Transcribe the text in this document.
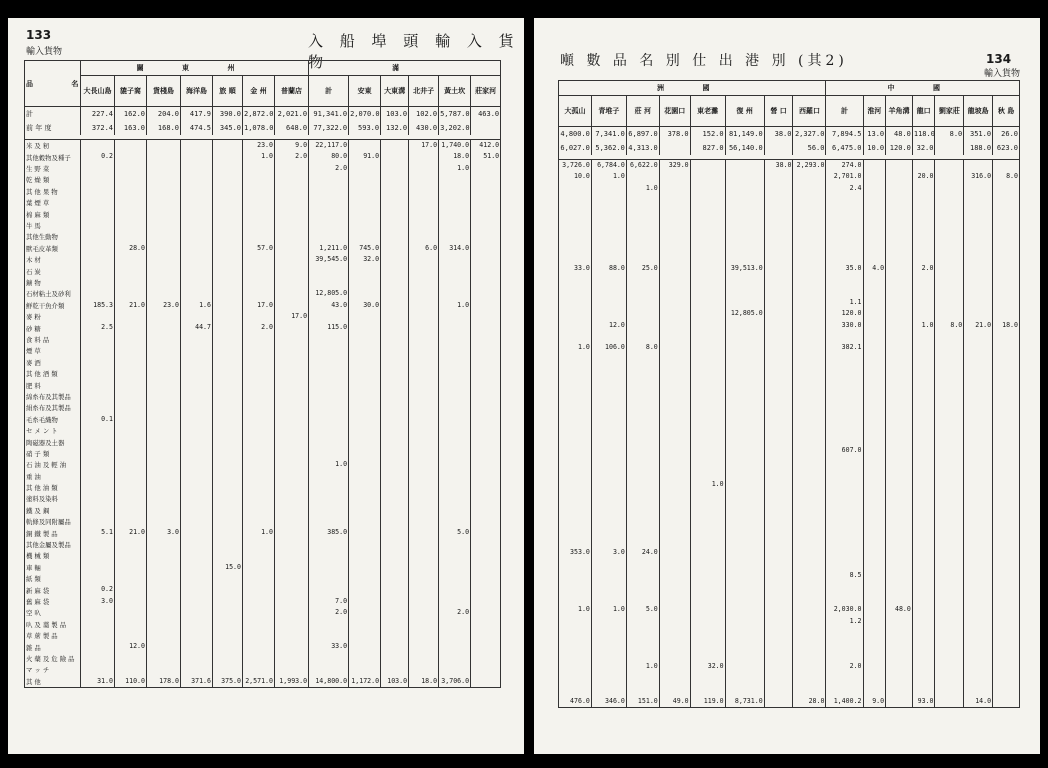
133
輸入貨物
入 船 埠 頭 輸 入 貨 物
品 名	關 東 州							滿					
	大長山島	貔子窩	貨棧島	海洋島	旅 順	金 州	普蘭店	計	安東	大東溝	北井子	黃土坎	莊家河
計	227.4	162.0	204.0	417.9	390.0	2,872.0	2,021.0	91,341.0	2,070.0	103.0	102.0	5,787.0	463.0
前 年 度	372.4	163.0	168.0	474.5	345.0	1,078.0	648.0	77,322.0	593.0	132.0	430.0	3,202.0	

米 及 籾						23.0	9.0	22,117.0			17.0	1,740.0	412.0
其他穀物及種子	0.2					1.0	2.0	80.0	91.0			18.0	51.0
生 野 菜								2.0				1.0	
乾 燥 類													
其 他 果 物													
葉 煙 草													
棉 麻 類													
牛 馬													
其他生動物													
獸毛皮革類		28.0				57.0		1,211.0	745.0		6.0	314.0	
木 材								39,545.0	32.0				
石 炭													
鑛 物													
石材粘土及砂利								12,805.0					
鮮乾干魚介類	185.3	21.0	23.0	1.6		17.0		43.0	30.0			1.0	
麥 粉							17.0						
砂 糖	2.5			44.7		2.0		115.0					
食 料 品													
煙 草													
麥 酒													
其 他 酒 類													
肥 料													
綿糸布及其製品													
絹糸布及其製品													
毛糸毛織物	0.1												
セ メ ン ト													
陶磁器及土器													
硝 子 類													
石 油 及 輕 油								1.0					
重 油													
其 他 油 類													
塗料及染料													
鐵 及 鋼													
軌條及同附屬品													
銅 鐵 製 品	5.1	21.0	3.0			1.0		385.0				5.0	
其他金屬及製品													
機 械 類													
車 輛					15.0								
紙 類													
新 麻 袋	0.2												
舊 麻 袋	3.0							7.0					
空 叺								2.0				2.0	
叺 及 藁 製 品													
草 蓆 製 品													
雜 品		12.0						33.0					
火 藥 及 危 險 品													
マ ッ チ													
其 他	31.0	110.0	178.0	371.6	375.0	2,571.0	1,993.0	14,800.0	1,172.0	103.0	18.0	3,706.0	
噸 數 品 名 別 仕 出 港 別 (其2)	134
輸入貨物
洲 國								中 國						
大孤山	青堆子	莊 河	花園口	東老灘	復 州	營 口	西羅口	計	淮河	羊角溝	龍口	劉家莊	龍坡島	秋 島
4,800.0	7,341.0	6,897.0	378.0	152.0	81,149.0	38.0	2,327.0	7,894.5	13.0	48.0	118.0	8.0	351.0	26.0
6,027.0	5,362.0	4,313.0		827.0	56,140.0		56.0	6,475.0	10.0	120.0	32.0		188.0	623.0

3,726.0	6,784.0	6,622.0	329.0			38.0	2,293.0	274.0						
10.0	1.0							2,701.0			20.0		316.0	8.0
		1.0						2.4						

33.0	88.0	25.0			39,513.0			35.0	4.0		2.0			

								1.1						
					12,805.0			120.0						
	12.0							330.0			1.0	8.0	21.0	18.0

1.0	106.0	8.0						382.1						

								607.0						

				1.0										

353.0	3.0	24.0												

								8.5						

1.0	1.0	5.0						2,030.0		48.0				
								1.2						

		1.0		32.0				2.0						

476.0	346.0	151.0	49.0	119.0	8,731.0		28.0	1,400.2	9.0		93.0		14.0	
